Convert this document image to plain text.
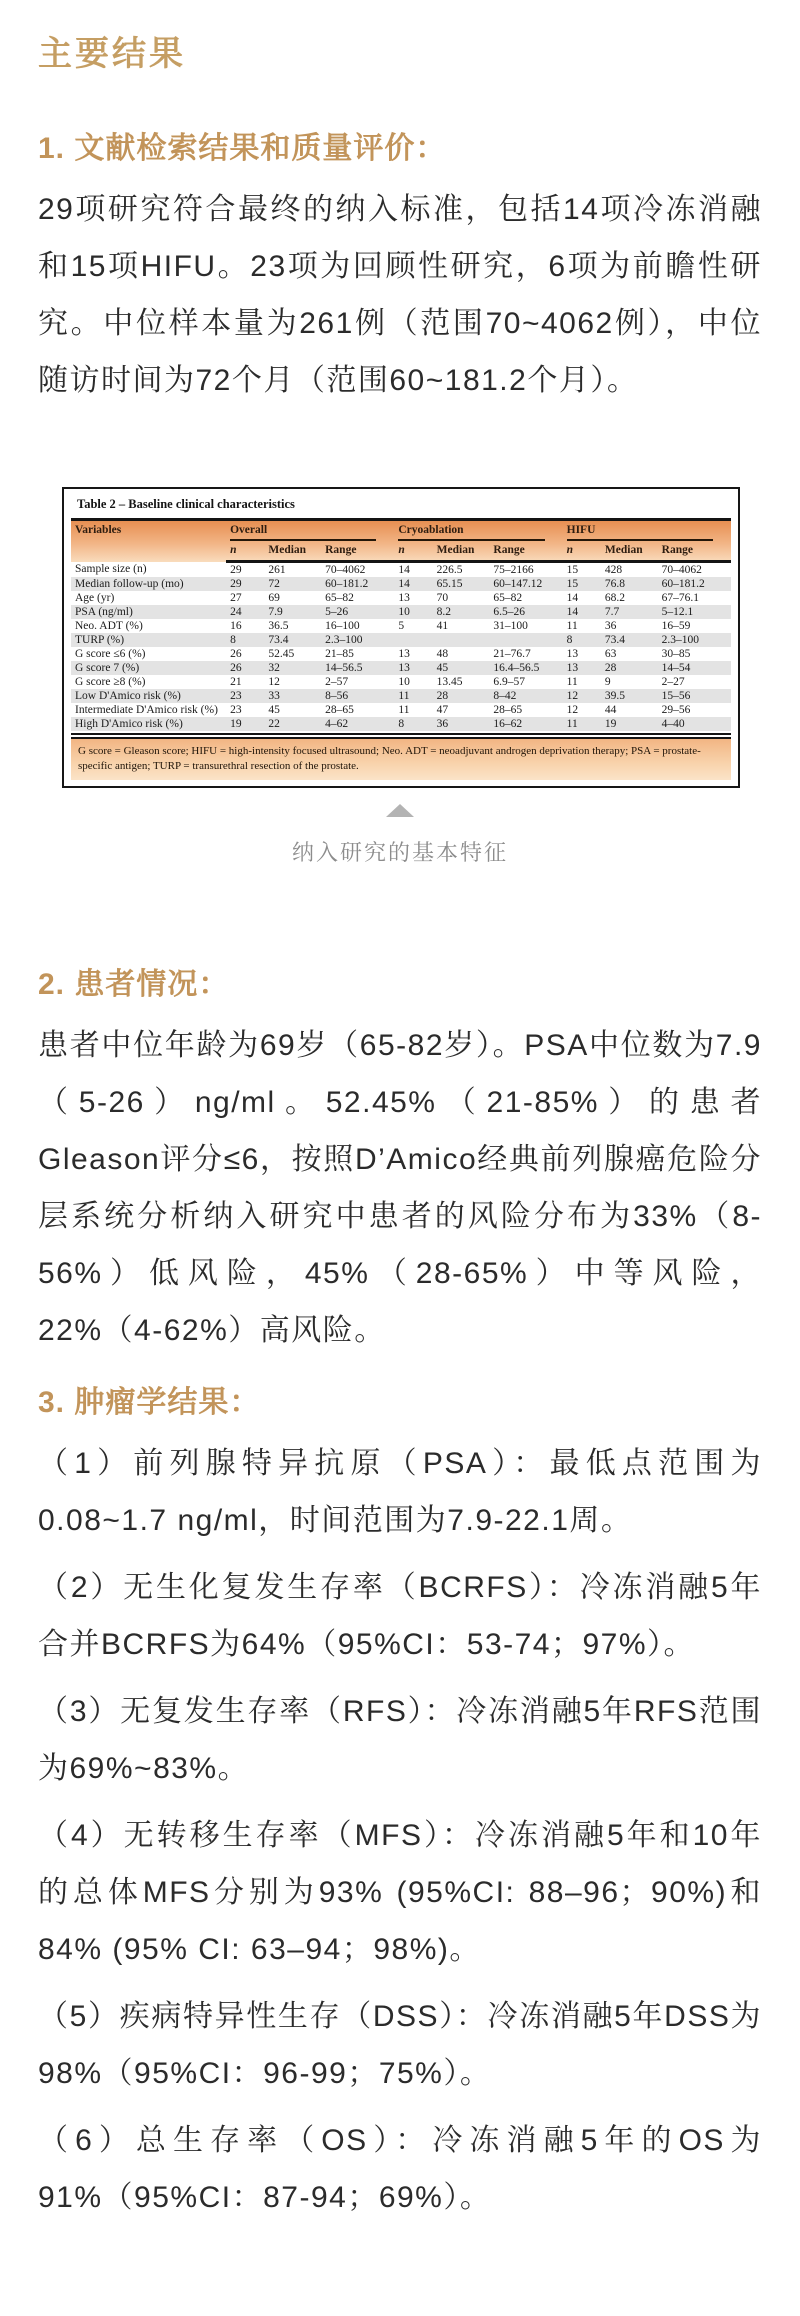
主要结果
1. 文献检索结果和质量评价：

29项研究符合最终的纳入标准，包括14项冷冻消融和15项HIFU。23项为回顾性研究，6项为前瞻性研究。中位样本量为261例（范围70~4062例），中位随访时间为72个月（范围60~181.2个月）。

Table 2 – Baseline clinical characteristics
Variables	Overall			Cryoablation			HIFU		

	n	Median	Range	n	Median	Range	n	Median	Range
Sample size (n)	29	261	70–4062	14	226.5	75–2166	15	428	70–4062
Median follow-up (mo)	29	72	60–181.2	14	65.15	60–147.12	15	76.8	60–181.2
Age (yr)	27	69	65–82	13	70	65–82	14	68.2	67–76.1
PSA (ng/ml)	24	7.9	5–26	10	8.2	6.5–26	14	7.7	5–12.1
Neo. ADT (%)	16	36.5	16–100	5	41	31–100	11	36	16–59
TURP (%)	8	73.4	2.3–100				8	73.4	2.3–100
G score ≤6 (%)	26	52.45	21–85	13	48	21–76.7	13	63	30–85
G score 7 (%)	26	32	14–56.5	13	45	16.4–56.5	13	28	14–54
G score ≥8 (%)	21	12	2–57	10	13.45	6.9–57	11	9	2–27
Low D'Amico risk (%)	23	33	8–56	11	28	8–42	12	39.5	15–56
Intermediate D'Amico risk (%)	23	45	28–65	11	47	28–65	12	44	29–56
High D'Amico risk (%)	19	22	4–62	8	36	16–62	11	19	4–40
G score = Gleason score; HIFU = high-intensity focused ultrasound; Neo. ADT = neoadjuvant androgen deprivation therapy; PSA = prostate-specific antigen; TURP = transurethral resection of the prostate.
纳入研究的基本特征
2. 患者情况：

患者中位年龄为69岁（65-82岁）。PSA中位数为7.9（5-26）ng/ml。52.45%（21-85%）的患者Gleason评分≤6，按照D’Amico经典前列腺癌危险分层系统分析纳入研究中患者的风险分布为33%（8-56%）低风险，45%（28-65%）中等风险，22%（4-62%）高风险。

3. 肿瘤学结果：

（1）前列腺特异抗原（PSA）：最低点范围为0.08~1.7 ng/ml，时间范围为7.9-22.1周。

（2）无生化复发生存率（BCRFS）：冷冻消融5年合并BCRFS为64%（95%CI：53-74；97%）。

（3）无复发生存率（RFS）：冷冻消融5年RFS范围为69%~83%。

（4）无转移生存率（MFS）：冷冻消融5年和10年的总体MFS分别为93% (95%CI: 88–96；90%)和84% (95% CI: 63–94；98%)。

（5）疾病特异性生存（DSS）：冷冻消融5年DSS为98%（95%CI：96-99；75%）。

（6）总生存率（OS）：冷冻消融5年的OS为91%（95%CI：87-94；69%）。
